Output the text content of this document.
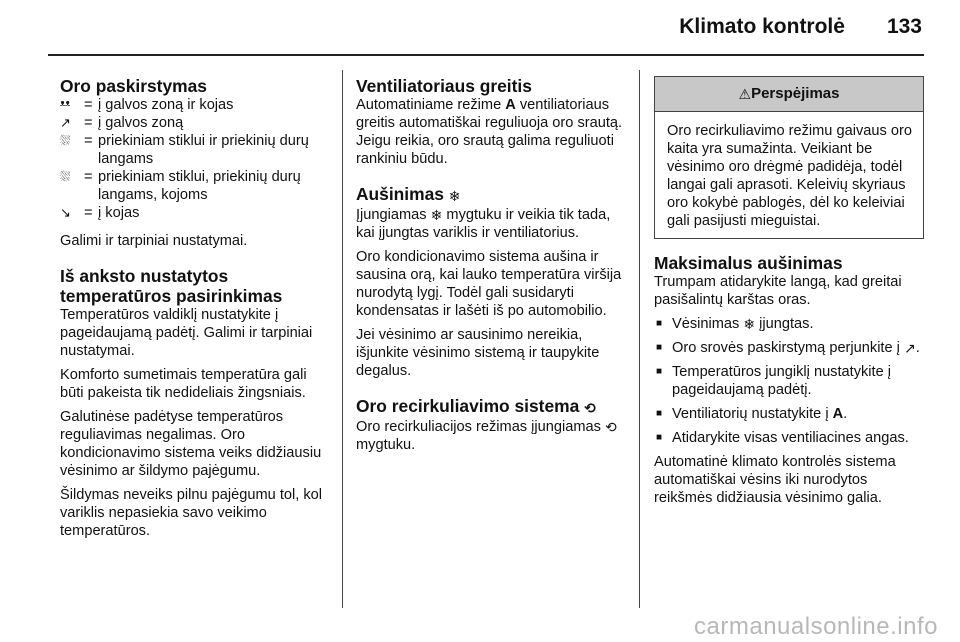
Klimato kontrolė 133
Oro paskirstymas
ᵜᵜ = į galvos zoną ir kojas
↗ = į galvos zoną
⛆ = priekiniam stiklui ir priekinių durų langams
⛆ = priekiniam stiklui, priekinių durų langams, kojoms
↘ = į kojas

Galimi ir tarpiniai nustatymai.

Iš anksto nustatytos temperatūros pasirinkimas

Temperatūros valdiklį nustatykite į pageidaujamą padėtį. Galimi ir tarpiniai nustatymai.

Komforto sumetimais temperatūra gali būti pakeista tik nedideliais žingsniais.

Galutinėse padėtyse temperatūros reguliavimas negalimas. Oro kondicionavimo sistema veiks didžiausiu vėsinimo ar šildymo pajėgumu.

Šildymas neveiks pilnu pajėgumu tol, kol variklis nepasiekia savo veikimo temperatūros.

Ventiliatoriaus greitis

Automatiniame režime A ventiliatoriaus greitis automatiškai reguliuoja oro srautą. Jeigu reikia, oro srautą galima reguliuoti rankiniu būdu.

Aušinimas ❄

Įjungiamas ❄ mygtuku ir veikia tik tada, kai įjungtas variklis ir ventiliatorius.

Oro kondicionavimo sistema aušina ir sausina orą, kai lauko temperatūra viršija nurodytą lygį. Todėl gali susidaryti kondensatas ir lašėti iš po automobilio.

Jei vėsinimo ar sausinimo nereikia, išjunkite vėsinimo sistemą ir taupykite degalus.

Oro recirkuliavimo sistema ⟲

Oro recirkuliacijos režimas įjungiamas ⟲ mygtuku.

⚠Perspėjimas
Oro recirkuliavimo režimu gaivaus oro kaita yra sumažinta. Veikiant be vėsinimo oro drėgmė padidėja, todėl langai gali aprasoti. Keleivių skyriaus oro kokybė pablogės, dėl ko keleiviai gali pasijusti mieguistai.
Maksimalus aušinimas

Trumpam atidarykite langą, kad greitai pasišalintų karštas oras.

■ Vėsinimas ❄ įjungtas.
■ Oro srovės paskirstymą perjunkite į ↗.
■ Temperatūros jungiklį nustatykite į pageidaujamą padėtį.
■ Ventiliatorių nustatykite į A.
■ Atidarykite visas ventiliacines angas.

Automatinė klimato kontrolės sistema automatiškai vėsins iki nurodytos reikšmės didžiausia vėsinimo galia.

carmanualsonline.info
